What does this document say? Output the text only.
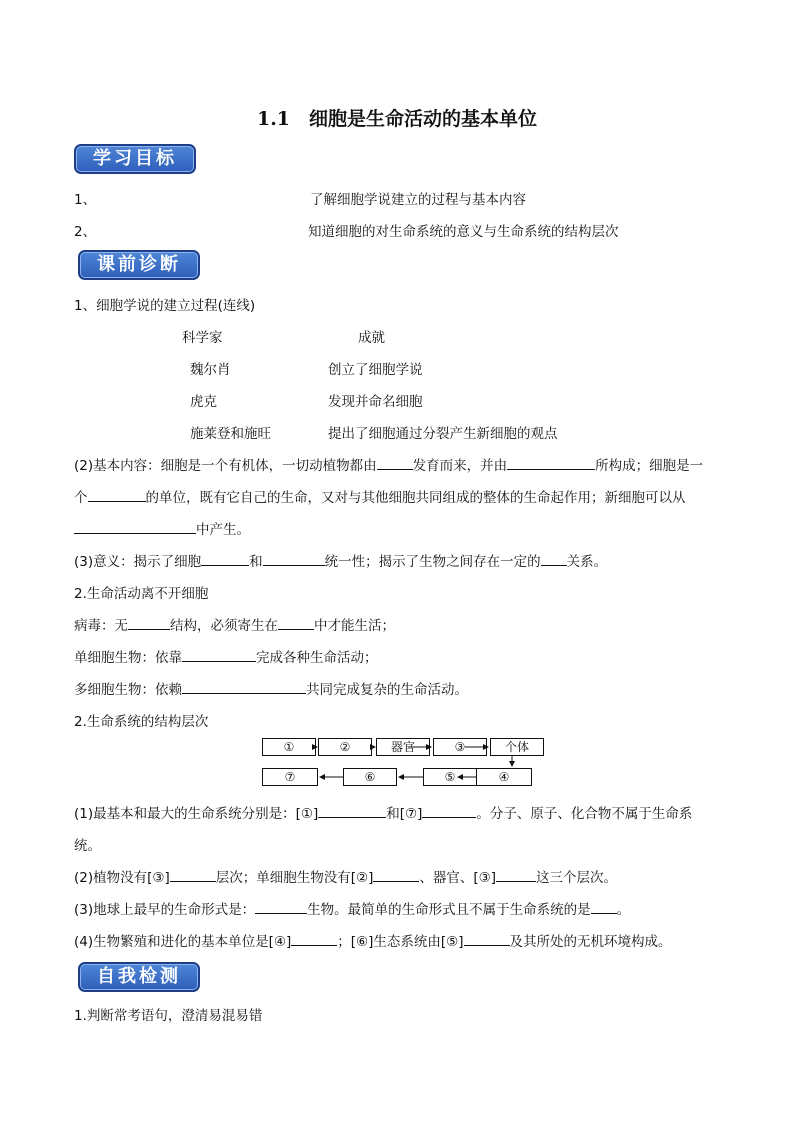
1.1　细胞是生命活动的基本单位
学习目标
1、	了解细胞学说建立的过程与基本内容
2、	知道细胞的对生命系统的意义与生命系统的结构层次
课前诊断
1、细胞学说的建立过程(连线)
科学家	成就
魏尔肖	创立了细胞学说
虎克	发现并命名细胞
施莱登和施旺	提出了细胞通过分裂产生新细胞的观点
(2)基本内容：细胞是一个有机体，一切动植物都由	发育而来，并由	所构成；细胞是一
个	的单位，既有它自己的生命，又对与其他细胞共同组成的整体的生命起作用；新细胞可以从
中产生。
(3)意义：揭示了细胞	和	统一性；揭示了生物之间存在一定的 关系。
2.生命活动离不开细胞
病毒：无	结构，必须寄生在	中才能生活；
单细胞生物：依靠	完成各种生命活动；
多细胞生物：依赖	共同完成复杂的生命活动。
2.生命系统的结构层次
①	②	器官	③	个体
⑦	⑥	⑤	④
(1)最基本和最大的生命系统分别是：[①]	和[⑦]	。分子、原子、化合物不属于生命系
统。
(2)植物没有[③]	层次；单细胞生物没有[②]	、器官、[③]	这三个层次。
(3)地球上最早的生命形式是：	生物。最简单的生命形式且不属于生命系统的是 。
(4)生物繁殖和进化的基本单位是[④]	；[⑥]生态系统由[⑤]	及其所处的无机环境构成。
自我检测
1.判断常考语句，澄清易混易错
